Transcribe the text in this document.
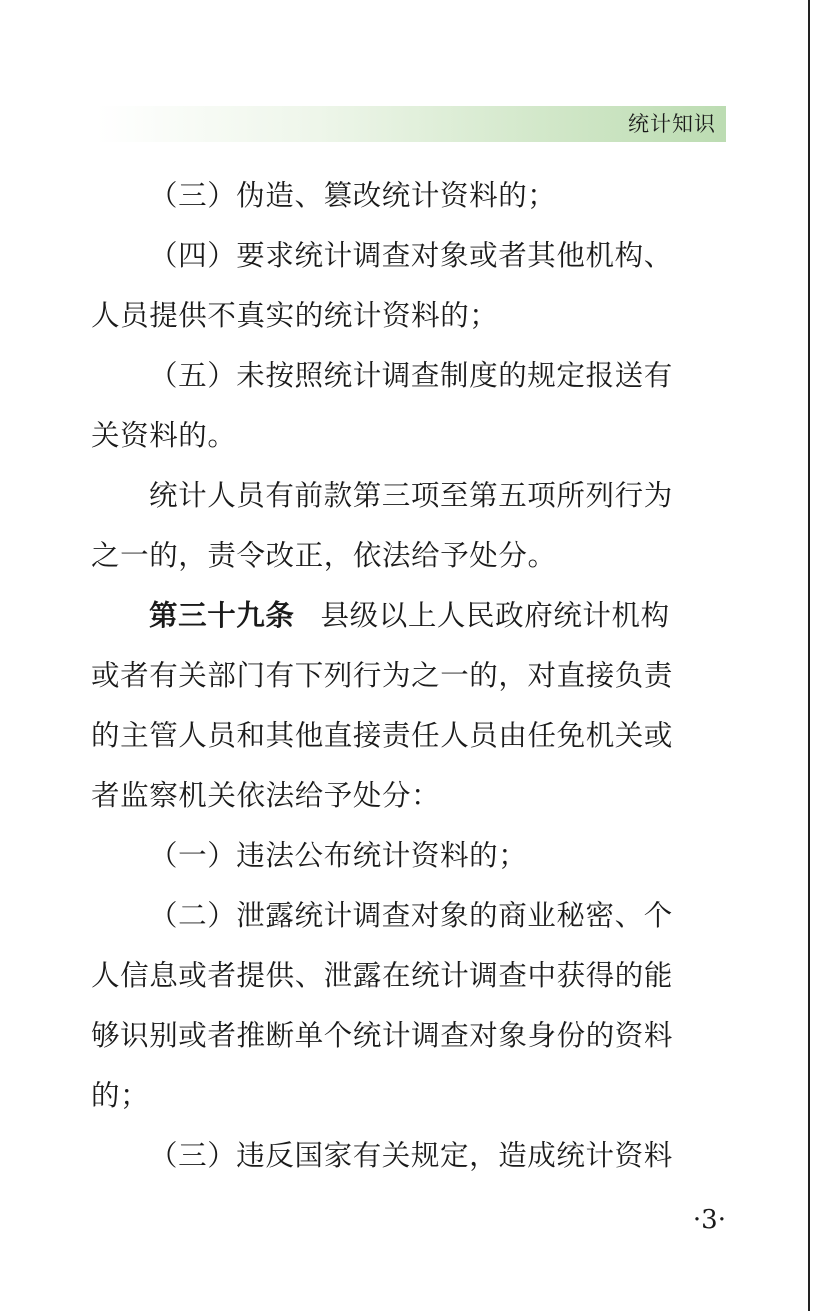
统计知识
（三）伪造、篡改统计资料的；
（四）要求统计调查对象或者其他机构、
人员提供不真实的统计资料的；
（五）未按照统计调查制度的规定报送有
关资料的。
统计人员有前款第三项至第五项所列行为
之一的，责令改正，依法给予处分。
第三十九条 县级以上人民政府统计机构
或者有关部门有下列行为之一的，对直接负责
的主管人员和其他直接责任人员由任免机关或
者监察机关依法给予处分：
（一）违法公布统计资料的；
（二）泄露统计调查对象的商业秘密、个
人信息或者提供、泄露在统计调查中获得的能
够识别或者推断单个统计调查对象身份的资料
的；
（三）违反国家有关规定，造成统计资料
·3·
